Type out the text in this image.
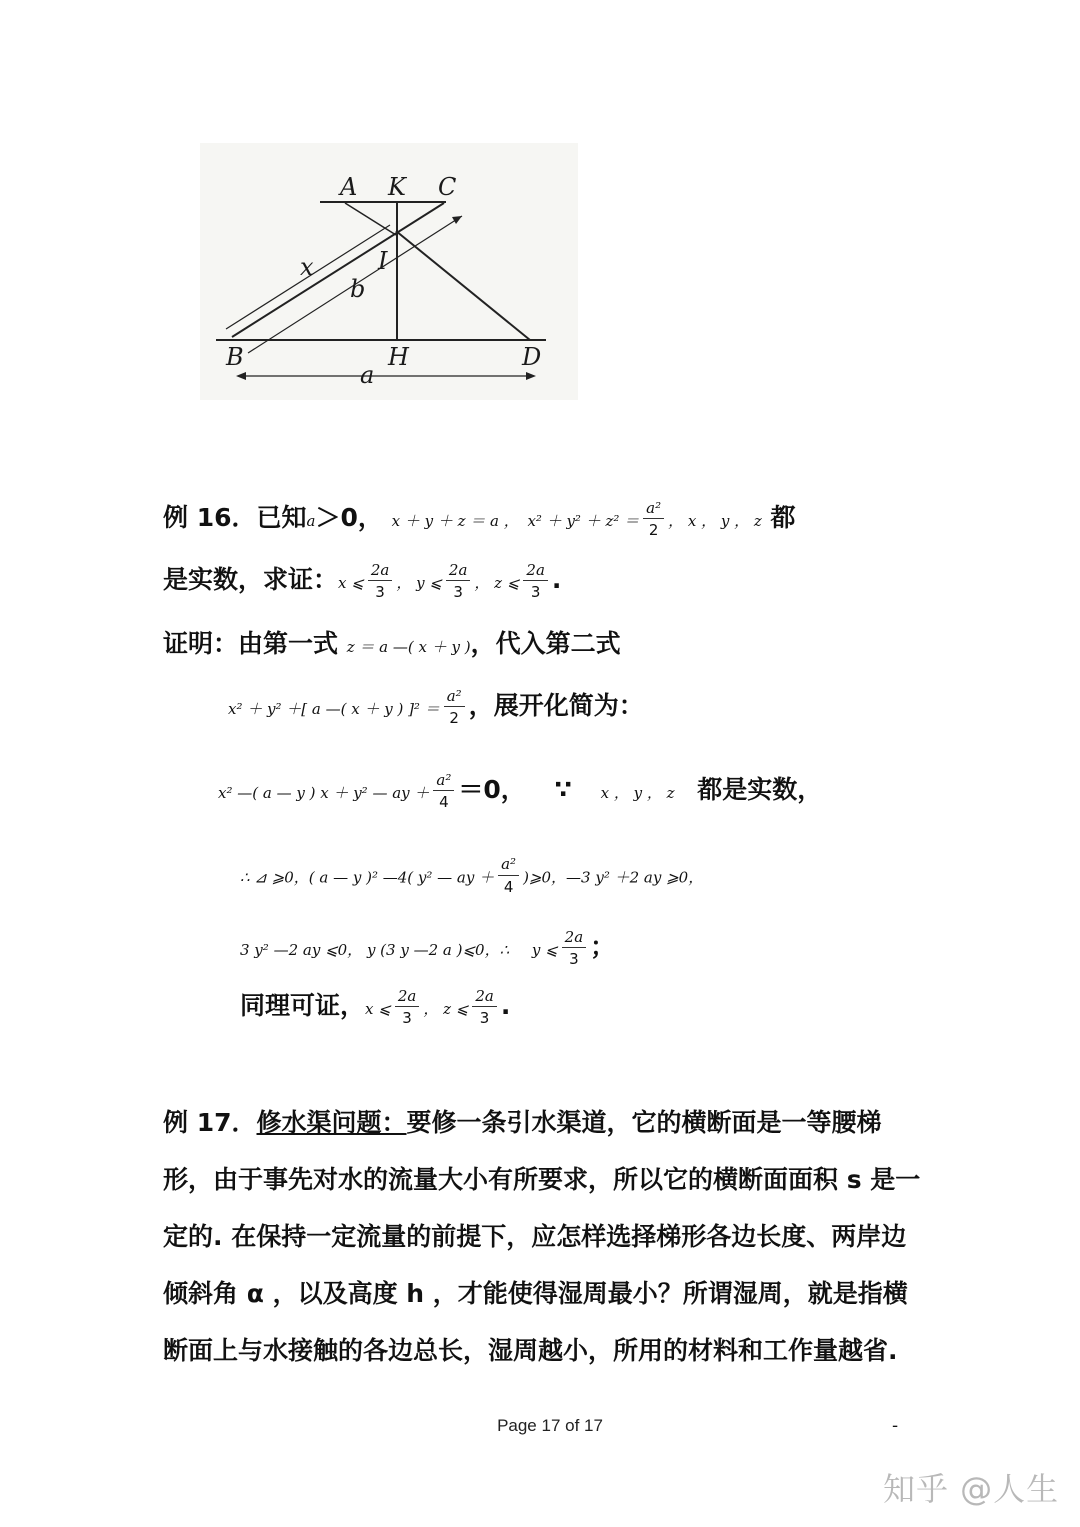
A K C
I
x
b
B	H	D
a
例 16．已知a＞0， x ＋ y ＋ z ＝ a ， $x^2 + y^2 + z^2 = \frac{\text{a²}}{2}$ ， x ， y ， z 都
是实数，求证：x ⩽ $\frac{2a}{3}$ ， y ⩽ $\frac{2a}{3}$ ， z ⩽ $\frac{2a}{3}$ .
证明：由第一式 z ＝ a —( x ＋ y )，代入第二式
x² ＋ y² ＋[ a —( x ＋ y ) ]$^2 = \frac{\text{a²}}{2}$ ，展开化简为：
x² —( a — y ) x ＋ y² — ay ＋ $\frac{\text{a²}}{4} =0$， ∵ x ， y ， z 都是实数，
∴ ⊿ ⩾0，( a — y )² —4( y² — ay ＋ $\frac{\text{a²}}{4}$ )⩾0，—3 y² ＋2 ay ⩾0，
3 y² —2 ay ⩽0， y (3 y —2 a )⩽0，∴ y ⩽ $\frac{2a}{3}$ ；
同理可证，x ⩽ $\frac{2a}{3}$ ， z ⩽ $\frac{2a}{3}$ .
例 17．修水渠问题：要修一条引水渠道，它的横断面是一等腰梯形，由于事先对水的流量大小有所要求，所以它的横断面面积 s 是一定的. 在保持一定流量的前提下，应怎样选择梯形各边长度、两岸边倾斜角 α ，以及高度 h ，才能使得湿周最小？所谓湿周，就是指横断面上与水接触的各边总长，湿周越小，所用的材料和工作量越省.
Page 17 of 17	-
知乎 @人生
